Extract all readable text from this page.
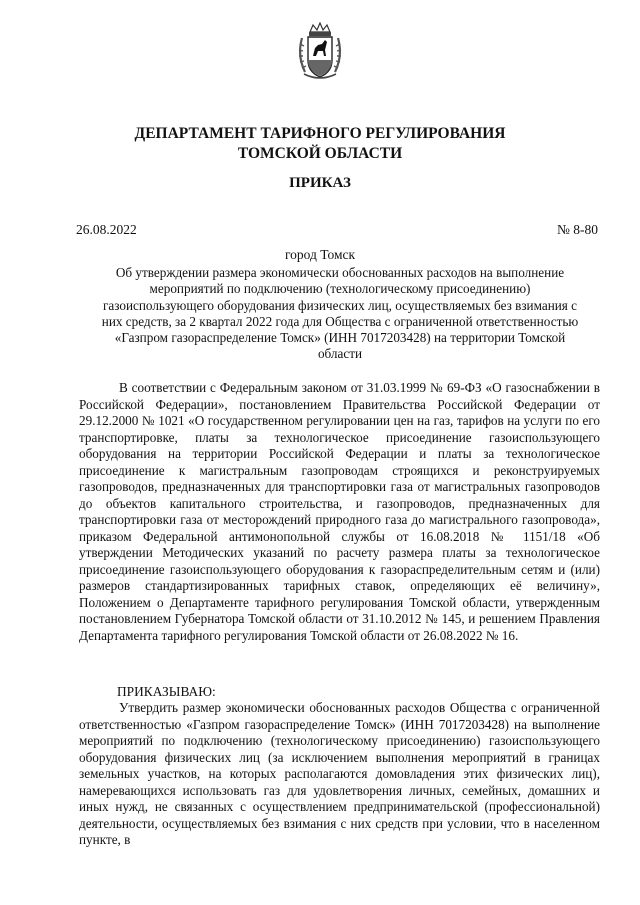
ДЕПАРТАМЕНТ ТАРИФНОГО РЕГУЛИРОВАНИЯ
ТОМСКОЙ ОБЛАСТИ
ПРИКАЗ
26.08.2022	№ 8-80
город Томск
Об утверждении размера экономически обоснованных расходов на выполнение
мероприятий по подключению (технологическому присоединению)
газоиспользующего оборудования физических лиц, осуществляемых без взимания с
них средств, за 2 квартал 2022 года для Общества с ограниченной ответственностью
«Газпром газораспределение Томск» (ИНН 7017203428) на территории Томской
области

В соответствии с Федеральным законом от 31.03.1999 № 69-ФЗ «О газоснабжении в Российской Федерации», постановлением Правительства Российской Федерации от 29.12.2000 № 1021 «О государственном регулировании цен на газ, тарифов на услуги по его транспортировке, платы за технологическое присоединение газоиспользующего оборудования на территории Российской Федерации и платы за технологическое присоединение к магистральным газопроводам строящихся и реконструируемых газопроводов, предназначенных для транспортировки газа от магистральных газопроводов до объектов капитального строительства, и газопроводов, предназначенных для транспортировки газа от месторождений природного газа до магистрального газопровода», приказом Федеральной антимонопольной службы от 16.08.2018 № 1151/18 «Об утверждении Методических указаний по расчету размера платы за технологическое присоединение газоиспользующего оборудования к газораспределительным сетям и (или) размеров стандартизированных тарифных ставок, определяющих её величину», Положением о Департаменте тарифного регулирования Томской области, утвержденным постановлением Губернатора Томской области от 31.10.2012 № 145, и решением Правления Департамента тарифного регулирования Томской области от 26.08.2022 № 16.

ПРИКАЗЫВАЮ:

Утвердить размер экономически обоснованных расходов Общества с ограниченной ответственностью «Газпром газораспределение Томск» (ИНН 7017203428) на выполнение мероприятий по подключению (технологическому присоединению) газоиспользующего оборудования физических лиц (за исключением выполнения мероприятий в границах земельных участков, на которых располагаются домовладения этих физических лиц), намеревающихся использовать газ для удовлетворения личных, семейных, домашних и иных нужд, не связанных с осуществлением предпринимательской (профессиональной) деятельности, осуществляемых без взимания с них средств при условии, что в населенном пункте, в
